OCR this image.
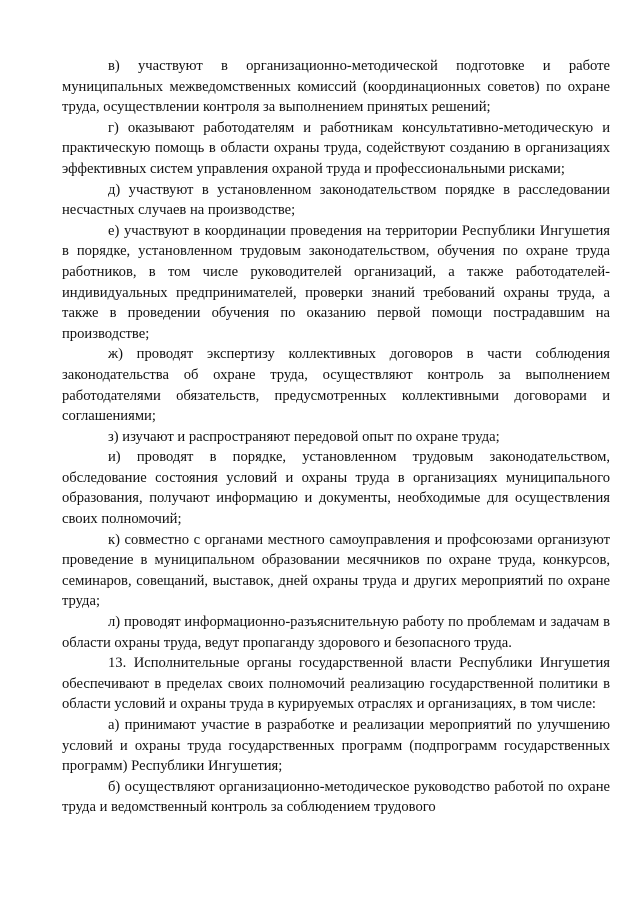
в) участвуют в организационно-методической подготовке и работе муниципальных межведомственных комиссий (координационных советов) по охране труда, осуществлении контроля за выполнением принятых решений;

г) оказывают работодателям и работникам консультативно-методическую и практическую помощь в области охраны труда, содействуют созданию в организациях эффективных систем управления охраной труда и профессиональными рисками;

д) участвуют в установленном законодательством порядке в расследовании несчастных случаев на производстве;

е) участвуют в координации проведения на территории Республики Ингушетия в порядке, установленном трудовым законодательством, обучения по охране труда работников, в том числе руководителей организаций, а также работодателей-индивидуальных предпринимателей, проверки знаний требований охраны труда, а также в проведении обучения по оказанию первой помощи пострадавшим на производстве;

ж) проводят экспертизу коллективных договоров в части соблюдения законодательства об охране труда, осуществляют контроль за выполнением работодателями обязательств, предусмотренных коллективными договорами и соглашениями;

з) изучают и распространяют передовой опыт по охране труда;

и) проводят в порядке, установленном трудовым законодательством, обследование состояния условий и охраны труда в организациях муниципального образования, получают информацию и документы, необходимые для осуществления своих полномочий;

к) совместно с органами местного самоуправления и профсоюзами организуют проведение в муниципальном образовании месячников по охране труда, конкурсов, семинаров, совещаний, выставок, дней охраны труда и других мероприятий по охране труда;

л) проводят информационно-разъяснительную работу по проблемам и задачам в области охраны труда, ведут пропаганду здорового и безопасного труда.

13. Исполнительные органы государственной власти Республики Ингушетия обеспечивают в пределах своих полномочий реализацию государственной политики в области условий и охраны труда в курируемых отраслях и организациях, в том числе:

а) принимают участие в разработке и реализации мероприятий по улучшению условий и охраны труда государственных программ (подпрограмм государственных программ) Республики Ингушетия;

б) осуществляют организационно-методическое руководство работой по охране труда и ведомственный контроль за соблюдением трудового
